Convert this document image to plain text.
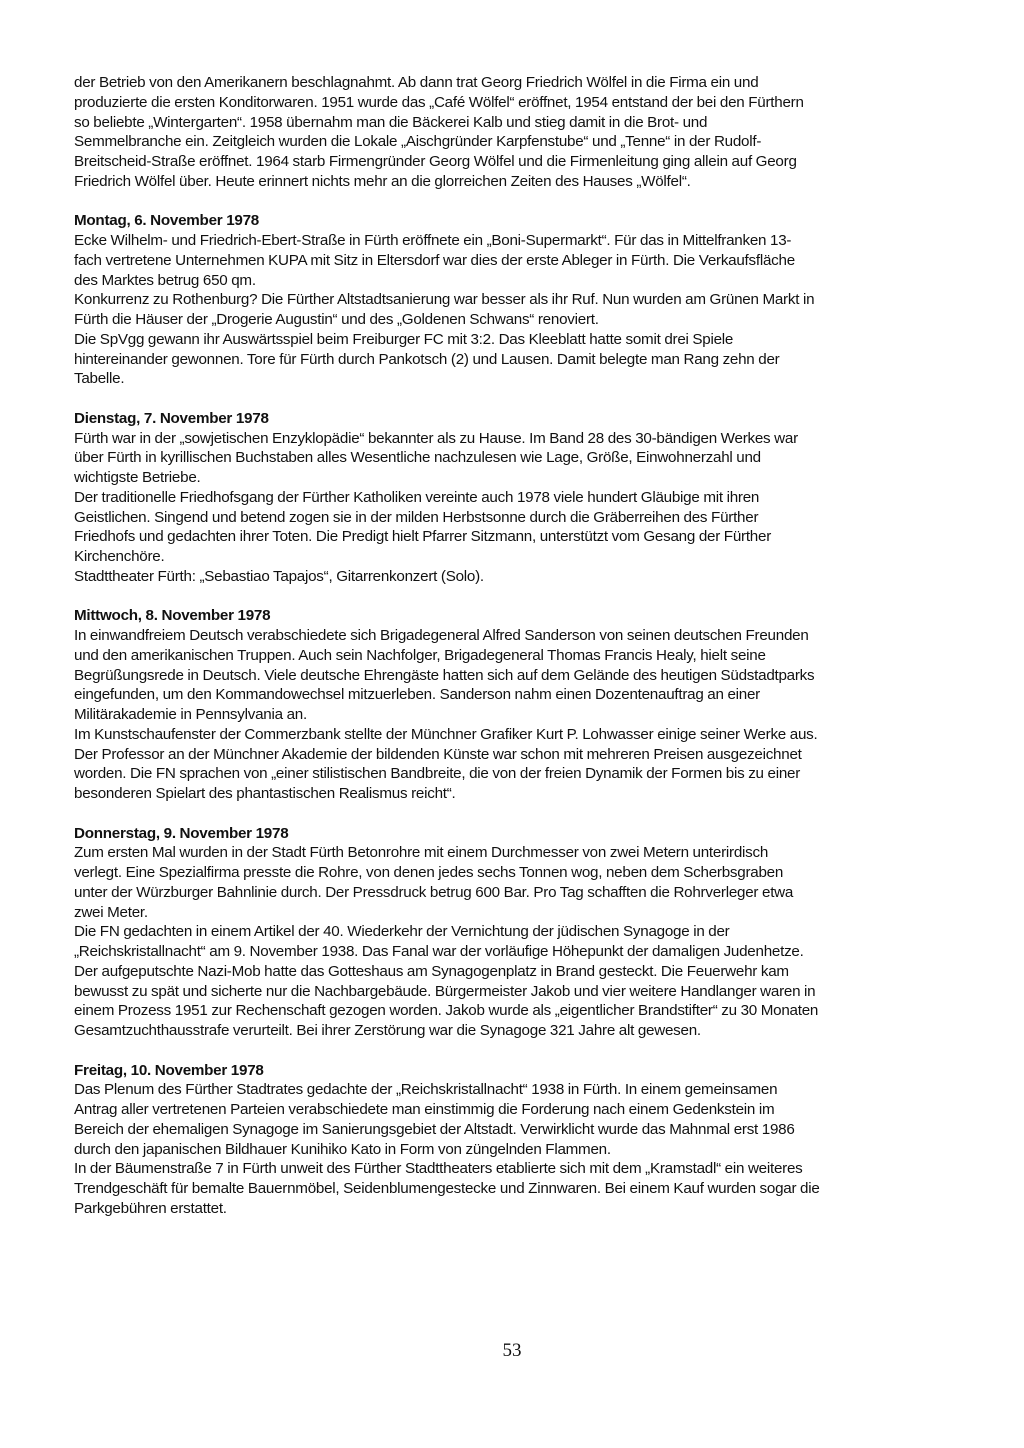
der Betrieb von den Amerikanern beschlagnahmt. Ab dann trat Georg Friedrich Wölfel in die Firma ein und

produzierte die ersten Konditorwaren. 1951 wurde das „Café Wölfel“ eröffnet, 1954 entstand der bei den Fürthern

so beliebte „Wintergarten“. 1958 übernahm man die Bäckerei Kalb und stieg damit in die Brot- und

Semmelbranche ein. Zeitgleich wurden die Lokale „Aischgründer Karpfenstube“ und „Tenne“ in der Rudolf-

Breitscheid-Straße eröffnet. 1964 starb Firmengründer Georg Wölfel und die Firmenleitung ging allein auf Georg

Friedrich Wölfel über. Heute erinnert nichts mehr an die glorreichen Zeiten des Hauses „Wölfel“.

Montag, 6. November 1978

Ecke Wilhelm- und Friedrich-Ebert-Straße in Fürth eröffnete ein „Boni-Supermarkt“. Für das in Mittelfranken 13-

fach vertretene Unternehmen KUPA mit Sitz in Eltersdorf war dies der erste Ableger in Fürth. Die Verkaufsfläche

des Marktes betrug 650 qm.

Konkurrenz zu Rothenburg? Die Fürther Altstadtsanierung war besser als ihr Ruf. Nun wurden am Grünen Markt in

Fürth die Häuser der „Drogerie Augustin“ und des „Goldenen Schwans“ renoviert.

Die SpVgg gewann ihr Auswärtsspiel beim Freiburger FC mit 3:2. Das Kleeblatt hatte somit drei Spiele

hintereinander gewonnen. Tore für Fürth durch Pankotsch (2) und Lausen. Damit belegte man Rang zehn der

Tabelle.

Dienstag, 7. November 1978

Fürth war in der „sowjetischen Enzyklopädie“ bekannter als zu Hause. Im Band 28 des 30-bändigen Werkes war

über Fürth in kyrillischen Buchstaben alles Wesentliche nachzulesen wie Lage, Größe, Einwohnerzahl und

wichtigste Betriebe.

Der traditionelle Friedhofsgang der Fürther Katholiken vereinte auch 1978 viele hundert Gläubige mit ihren

Geistlichen. Singend und betend zogen sie in der milden Herbstsonne durch die Gräberreihen des Fürther

Friedhofs und gedachten ihrer Toten. Die Predigt hielt Pfarrer Sitzmann, unterstützt vom Gesang der Fürther

Kirchenchöre.

Stadttheater Fürth: „Sebastiao Tapajos“, Gitarrenkonzert (Solo).

Mittwoch, 8. November 1978

In einwandfreiem Deutsch verabschiedete sich Brigadegeneral Alfred Sanderson von seinen deutschen Freunden

und den amerikanischen Truppen. Auch sein Nachfolger, Brigadegeneral Thomas Francis Healy, hielt seine

Begrüßungsrede in Deutsch. Viele deutsche Ehrengäste hatten sich auf dem Gelände des heutigen Südstadtparks

eingefunden, um den Kommandowechsel mitzuerleben. Sanderson nahm einen Dozentenauftrag an einer

Militärakademie in Pennsylvania an.

Im Kunstschaufenster der Commerzbank stellte der Münchner Grafiker Kurt P. Lohwasser einige seiner Werke aus.

Der Professor an der Münchner Akademie der bildenden Künste war schon mit mehreren Preisen ausgezeichnet

worden. Die FN sprachen von „einer stilistischen Bandbreite, die von der freien Dynamik der Formen bis zu einer

besonderen Spielart des phantastischen Realismus reicht“.

Donnerstag, 9. November 1978

Zum ersten Mal wurden in der Stadt Fürth Betonrohre mit einem Durchmesser von zwei Metern unterirdisch

verlegt. Eine Spezialfirma presste die Rohre, von denen jedes sechs Tonnen wog, neben dem Scherbsgraben

unter der Würzburger Bahnlinie durch. Der Pressdruck betrug 600 Bar. Pro Tag schafften die Rohrverleger etwa

zwei Meter.

Die FN gedachten in einem Artikel der 40. Wiederkehr der Vernichtung der jüdischen Synagoge in der

„Reichskristallnacht“ am 9. November 1938. Das Fanal war der vorläufige Höhepunkt der damaligen Judenhetze.

Der aufgeputschte Nazi-Mob hatte das Gotteshaus am Synagogenplatz in Brand gesteckt. Die Feuerwehr kam

bewusst zu spät und sicherte nur die Nachbargebäude. Bürgermeister Jakob und vier weitere Handlanger waren in

einem Prozess 1951 zur Rechenschaft gezogen worden. Jakob wurde als „eigentlicher Brandstifter“ zu 30 Monaten

Gesamtzuchthausstrafe verurteilt. Bei ihrer Zerstörung war die Synagoge 321 Jahre alt gewesen.

Freitag, 10. November 1978

Das Plenum des Fürther Stadtrates gedachte der „Reichskristallnacht“ 1938 in Fürth. In einem gemeinsamen

Antrag aller vertretenen Parteien verabschiedete man einstimmig die Forderung nach einem Gedenkstein im

Bereich der ehemaligen Synagoge im Sanierungsgebiet der Altstadt. Verwirklicht wurde das Mahnmal erst 1986

durch den japanischen Bildhauer Kunihiko Kato in Form von züngelnden Flammen.

In der Bäumenstraße 7 in Fürth unweit des Fürther Stadttheaters etablierte sich mit dem „Kramstadl“ ein weiteres

Trendgeschäft für bemalte Bauernmöbel, Seidenblumengestecke und Zinnwaren. Bei einem Kauf wurden sogar die

Parkgebühren erstattet.

53
